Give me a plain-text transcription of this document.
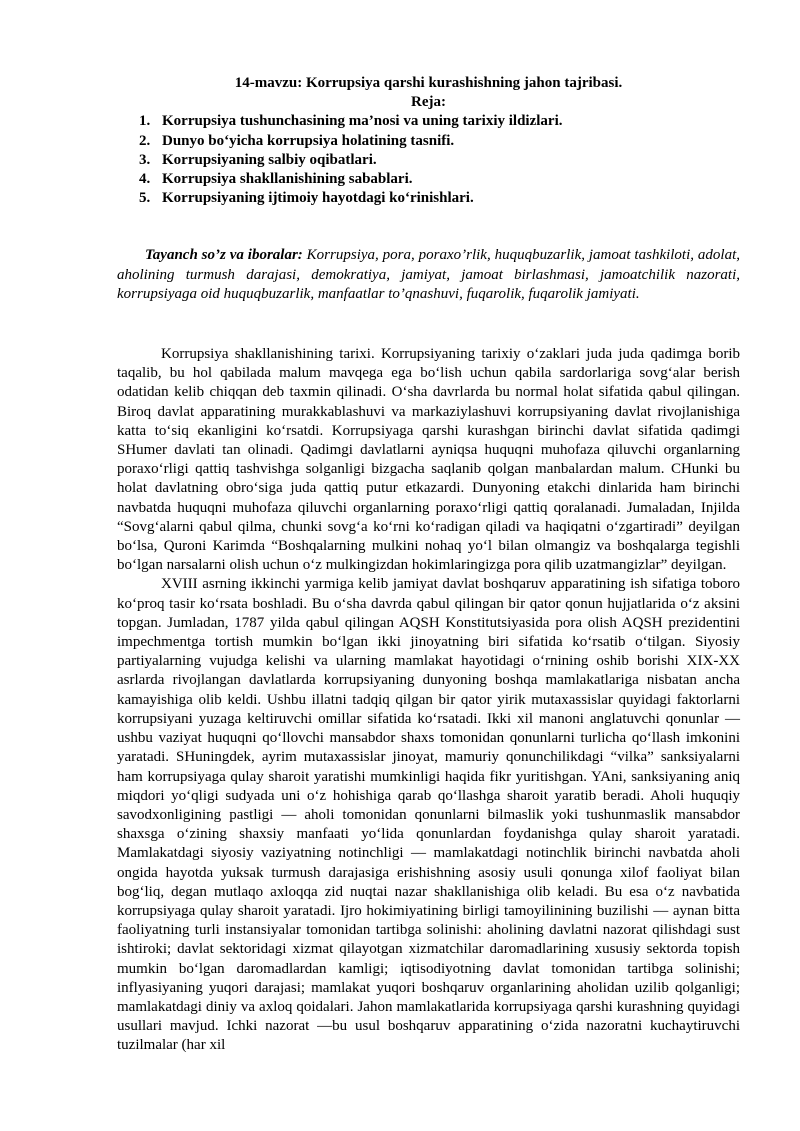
14-mavzu: Korrupsiya qarshi kurashishning jahon tajribasi.
Reja:
1. Korrupsiya tushunchasining ma’nosi va uning tarixiy ildizlari.
2. Dunyo bo‘yicha korrupsiya holatining tasnifi.
3. Korrupsiyaning salbiy oqibatlari.
4. Korrupsiya shakllanishining sabablari.
5. Korrupsiyaning ijtimoiy hayotdagi ko‘rinishlari.
Tayanch so’z va iboralar: Korrupsiya, pora, poraxo’rlik, huquqbuzarlik, jamoat tashkiloti, adolat, aholining turmush darajasi, demokratiya, jamiyat, jamoat birlashmasi, jamoatchilik nazorati, korrupsiyaga oid huquqbuzarlik, manfaatlar to’qnashuvi, fuqarolik, fuqarolik jamiyati.

Korrupsiya shakllanishining tarixi. Korrupsiyaning tarixiy o‘zaklari juda juda qadimga borib taqalib, bu hol qabilada malum mavqega ega bo‘lish uchun qabila sardorlariga sovg‘alar berish odatidan kelib chiqqan deb taxmin qilinadi. O‘sha davrlarda bu normal holat sifatida qabul qilingan. Biroq davlat apparatining murakkablashuvi va markaziylashuvi korrupsiyaning davlat rivojlanishiga katta to‘siq ekanligini ko‘rsatdi. Korrupsiyaga qarshi kurashgan birinchi davlat sifatida qadimgi SHumer davlati tan olinadi. Qadimgi davlatlarni ayniqsa huquqni muhofaza qiluvchi organlarning poraxo‘rligi qattiq tashvishga solganligi bizgacha saqlanib qolgan manbalardan malum. CHunki bu holat davlatning obro‘siga juda qattiq putur etkazardi. Dunyoning etakchi dinlarida ham birinchi navbatda huquqni muhofaza qiluvchi organlarning poraxo‘rligi qattiq qoralanadi. Jumaladan, Injilda “Sovg‘alarni qabul qilma, chunki sovg‘a ko‘rni ko‘radigan qiladi va haqiqatni o‘zgartiradi” deyilgan bo‘lsa, Quroni Karimda “Boshqalarning mulkini nohaq yo‘l bilan olmangiz va boshqalarga tegishli bo‘lgan narsalarni olish uchun o‘z mulkingizdan hokimlaringizga pora qilib uzatmangizlar” deyilgan.

XVIII asrning ikkinchi yarmiga kelib jamiyat davlat boshqaruv apparatining ish sifatiga toboro ko‘proq tasir ko‘rsata boshladi. Bu o‘sha davrda qabul qilingan bir qator qonun hujjatlarida o‘z aksini topgan. Jumladan, 1787 yilda qabul qilingan AQSH Konstitutsiyasida pora olish AQSH prezidentini impechmentga tortish mumkin bo‘lgan ikki jinoyatning biri sifatida ko‘rsatib o‘tilgan. Siyosiy partiyalarning vujudga kelishi va ularning mamlakat hayotidagi o‘rnining oshib borishi XIX-XX asrlarda rivojlangan davlatlarda korrupsiyaning dunyoning boshqa mamlakatlariga nisbatan ancha kamayishiga olib keldi. Ushbu illatni tadqiq qilgan bir qator yirik mutaxassislar quyidagi faktorlarni korrupsiyani yuzaga keltiruvchi omillar sifatida ko‘rsatadi. Ikki xil manoni anglatuvchi qonunlar — ushbu vaziyat huquqni qo‘llovchi mansabdor shaxs tomonidan qonunlarni turlicha qo‘llash imkonini yaratadi. SHuningdek, ayrim mutaxassislar jinoyat, mamuriy qonunchilikdagi “vilka” sanksiyalarni ham korrupsiyaga qulay sharoit yaratishi mumkinligi haqida fikr yuritishgan. YAni, sanksiyaning aniq miqdori yo‘qligi sudyada uni o‘z hohishiga qarab qo‘llashga sharoit yaratib beradi. Aholi huquqiy savodxonligining pastligi — aholi tomonidan qonunlarni bilmaslik yoki tushunmaslik mansabdor shaxsga o‘zining shaxsiy manfaati yo‘lida qonunlardan foydanishga qulay sharoit yaratadi. Mamlakatdagi siyosiy vaziyatning notinchligi — mamlakatdagi notinchlik birinchi navbatda aholi ongida hayotda yuksak turmush darajasiga erishishning asosiy usuli qonunga xilof faoliyat bilan bog‘liq, degan mutlaqo axloqqa zid nuqtai nazar shakllanishiga olib keladi. Bu esa o‘z navbatida korrupsiyaga qulay sharoit yaratadi. Ijro hokimiyatining birligi tamoyilinining buzilishi — aynan bitta faoliyatning turli instansiyalar tomonidan tartibga solinishi: aholining davlatni nazorat qilishdagi sust ishtiroki; davlat sektoridagi xizmat qilayotgan xizmatchilar daromadlarining xususiy sektorda topish mumkin bo‘lgan daromadlardan kamligi; iqtisodiyotning davlat tomonidan tartibga solinishi; inflyasiyaning yuqori darajasi; mamlakat yuqori boshqaruv organlarining aholidan uzilib qolganligi; mamlakatdagi diniy va axloq qoidalari. Jahon mamlakatlarida korrupsiyaga qarshi kurashning quyidagi usullari mavjud. Ichki nazorat —bu usul boshqaruv apparatining o‘zida nazoratni kuchaytiruvchi tuzilmalar (har xil
